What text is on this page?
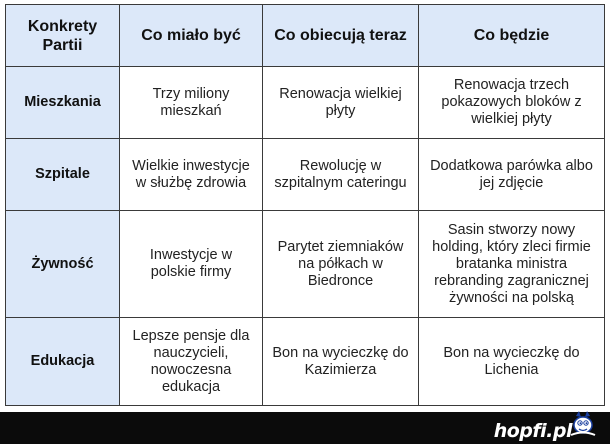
Konkrety Partii	Co miało być	Co obiecują teraz	Co będzie
Mieszkania	Trzy miliony mieszkań	Renowacja wielkiej płyty	Renowacja trzech pokazowych bloków z wielkiej płyty
Szpitale	Wielkie inwestycje w służbę zdrowia	Rewolucję w szpitalnym cateringu	Dodatkowa parówka albo jej zdjęcie
Żywność	Inwestycje w polskie firmy	Parytet ziemniaków na półkach w Biedronce	Sasin stworzy nowy holding, który zleci firmie bratanka ministra rebranding zagranicznej żywności na polską
Edukacja	Lepsze pensje dla nauczycieli, nowoczesna edukacja	Bon na wycieczkę do Kazimierza	Bon na wycieczkę do Lichenia
hopfi.pl
